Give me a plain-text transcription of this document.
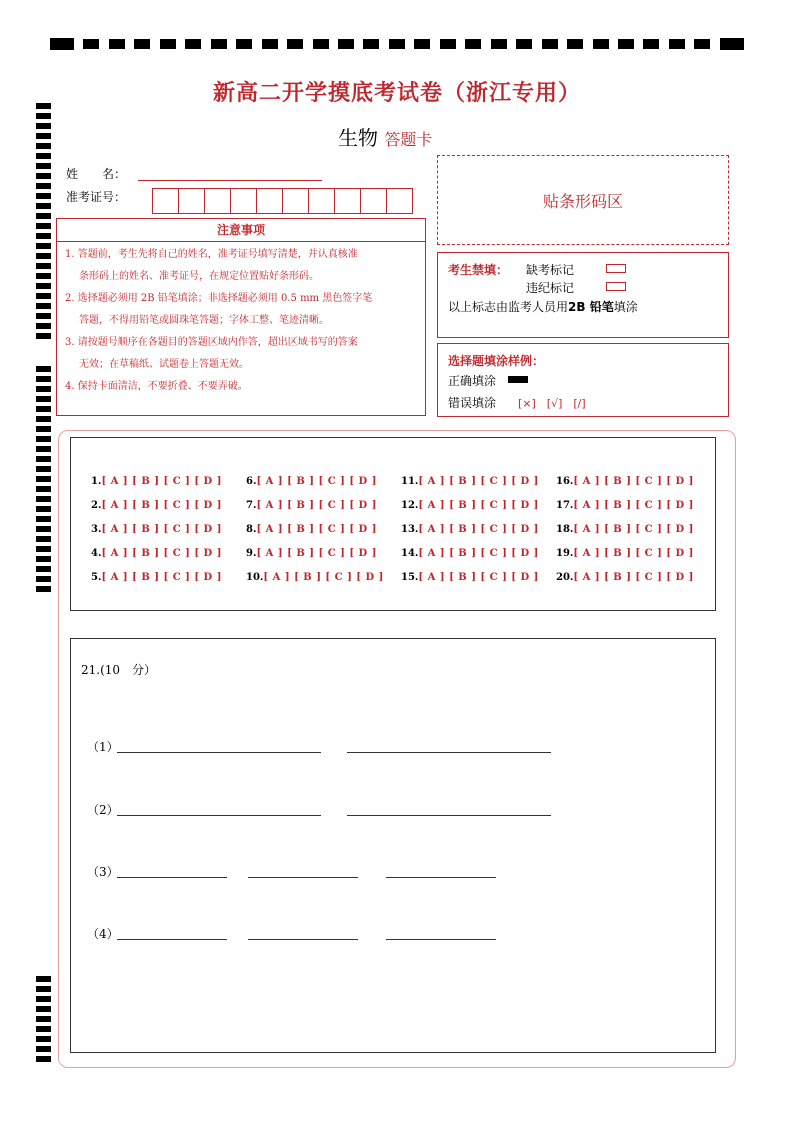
新高二开学摸底考试卷（浙江专用）
生物 答题卡
姓　　名：
准考证号：
注意事项
1. 答题前，考生先将自己的姓名，准考证号填写清楚，并认真核准
条形码上的姓名、准考证号，在规定位置贴好条形码。
2. 选择题必须用 2B 铅笔填涂；非选择题必须用 0.5 mm 黑色签字笔
答题，不得用铅笔或圆珠笔答题；字体工整、笔迹清晰。
3. 请按题号顺序在各题目的答题区域内作答，超出区域书写的答案
无效；在草稿纸、试题卷上答题无效。
4. 保持卡面清洁，不要折叠、不要弄破。
贴条形码区
考生禁填： 缺考标记
违纪标记
以上标志由监考人员用2B 铅笔填涂
选择题填涂样例：
正确填涂
错误填涂 [×]　[√]　[/]
1.[ A ] [ B ] [ C ] [ D ]
2.[ A ] [ B ] [ C ] [ D ]
3.[ A ] [ B ] [ C ] [ D ]
4.[ A ] [ B ] [ C ] [ D ]
5.[ A ] [ B ] [ C ] [ D ]
6.[ A ] [ B ] [ C ] [ D ]
7.[ A ] [ B ] [ C ] [ D ]
8.[ A ] [ B ] [ C ] [ D ]
9.[ A ] [ B ] [ C ] [ D ]
10.[ A ] [ B ] [ C ] [ D ]
11.[ A ] [ B ] [ C ] [ D ]
12.[ A ] [ B ] [ C ] [ D ]
13.[ A ] [ B ] [ C ] [ D ]
14.[ A ] [ B ] [ C ] [ D ]
15.[ A ] [ B ] [ C ] [ D ]
16.[ A ] [ B ] [ C ] [ D ]
17.[ A ] [ B ] [ C ] [ D ]
18.[ A ] [ B ] [ C ] [ D ]
19.[ A ] [ B ] [ C ] [ D ]
20.[ A ] [ B ] [ C ] [ D ]
21.(10　分）
（1）
（2）
（3）
（4）
